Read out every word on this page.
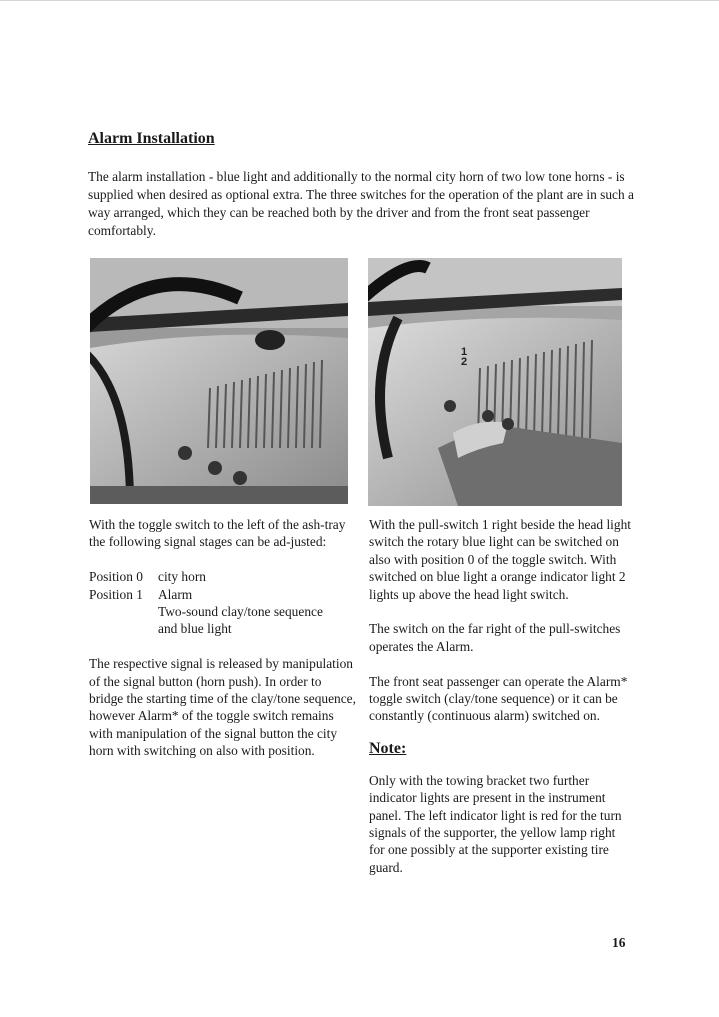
Alarm Installation
The alarm installation - blue light and additionally to the normal city horn of two low tone horns - is supplied when desired as optional extra. The three switches for the operation of the plant are in such a way arranged, which they can be reached both by the driver and from the front seat passenger comfortably.
1
2

With the toggle switch to the left of the ash-tray the following signal stages can be ad-justed:

Position 0	city horn
Position 1	Alarm
Two-sound clay/tone sequence
and blue light

The respective signal is released by manipulation of the signal button (horn push). In order to bridge the starting time of the clay/tone sequence, however Alarm* of the toggle switch remains with manipulation of the signal button the city horn with switching on also with position.

With the pull-switch 1 right beside the head light switch the rotary blue light can be switched on also with position 0 of the toggle switch. With switched on blue light a orange indicator light 2 lights up above the head light switch.

The switch on the far right of the pull-switches operates the Alarm.

The front seat passenger can operate the Alarm* toggle switch (clay/tone sequence) or it can be constantly (continuous alarm) switched on.

Note:

Only with the towing bracket two further indicator lights are present in the instrument panel. The left indicator light is red for the turn signals of the supporter, the yellow lamp right for one possibly at the supporter existing tire guard.

16
